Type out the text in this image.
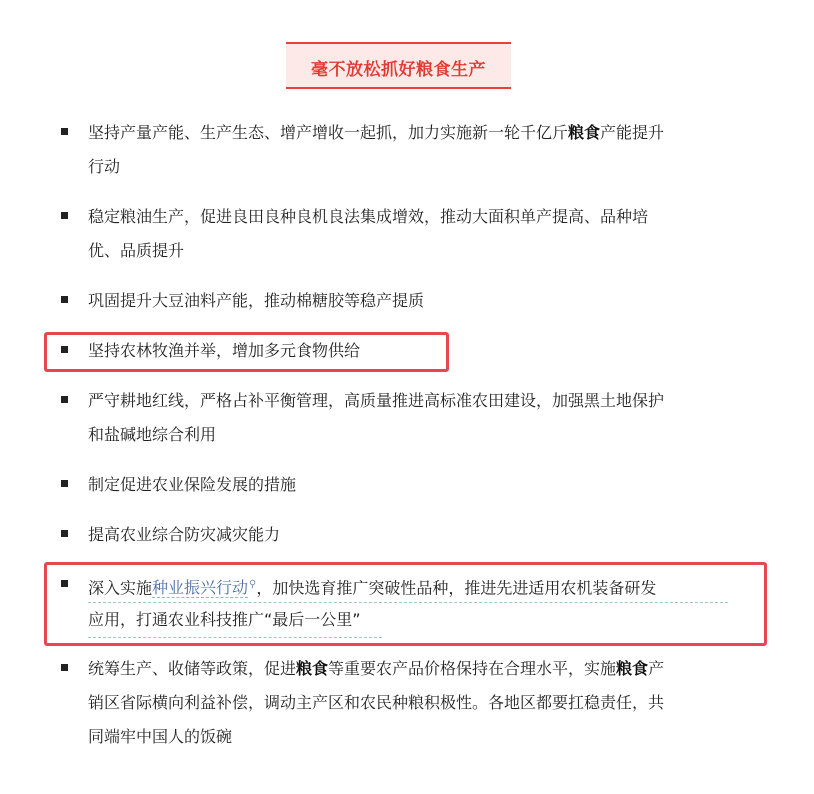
毫不放松抓好粮食生产
坚持产量产能、生产生态、增产增收一起抓，加力实施新一轮千亿斤粮食产能提升
行动
稳定粮油生产，促进良田良种良机良法集成增效，推动大面积单产提高、品种培
优、品质提升
巩固提升大豆油料产能，推动棉糖胶等稳产提质
坚持农林牧渔并举，增加多元食物供给
严守耕地红线，严格占补平衡管理，高质量推进高标准农田建设，加强黑土地保护
和盐碱地综合利用
制定促进农业保险发展的措施
提高农业综合防灾减灾能力
深入实施种业振兴行动⚲，加快选育推广突破性品种，推进先进适用农机装备研发
应用，打通农业科技推广“最后一公里”
统筹生产、收储等政策，促进粮食等重要农产品价格保持在合理水平，实施粮食产
销区省际横向利益补偿，调动主产区和农民种粮积极性。各地区都要扛稳责任，共
同端牢中国人的饭碗
